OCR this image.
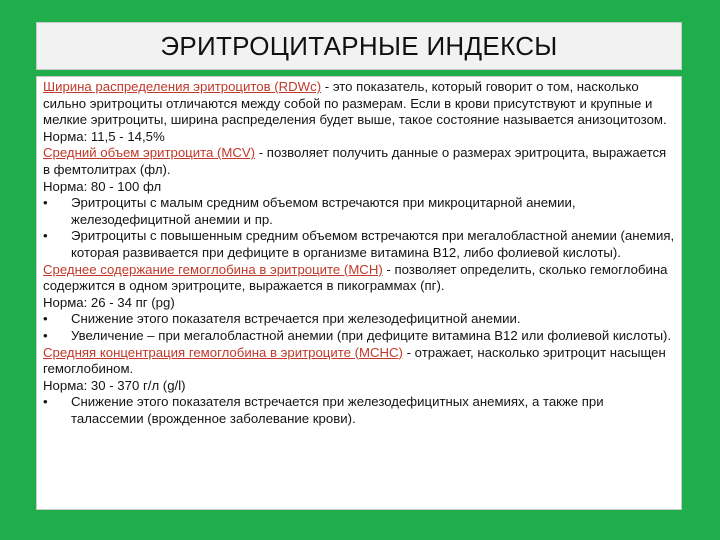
ЭРИТРОЦИТАРНЫЕ ИНДЕКСЫ

Ширина распределения эритроцитов (RDWc) - это показатель, который говорит о том, насколько сильно эритроциты отличаются между собой по размерам. Если в крови присутствуют и крупные и мелкие эритроциты, ширина распределения будет выше, такое состояние называется анизоцитозом.

Норма: 11,5 - 14,5%

Средний объем эритроцита (MCV) - позволяет получить данные о размерах эритроцита, выражается в фемтолитрах (фл).

Норма: 80 - 100 фл

•	Эритроциты с малым средним объемом встречаются при микроцитарной анемии, железодефицитной анемии и пр.

•	Эритроциты с повышенным средним объемом встречаются при мегалобластной анемии (анемия, которая развивается при дефиците в организме витамина B12, либо фолиевой кислоты).

Среднее содержание гемоглобина в эритроците (MCH) - позволяет определить, сколько гемоглобина содержится в одном эритроците, выражается в пикограммах (пг).

Норма: 26 - 34 пг (pg)

•	Снижение этого показателя встречается при железодефицитной анемии.

•	Увеличение – при мегалобластной анемии (при дефиците витамина B12 или фолиевой кислоты).

Средняя концентрация гемоглобина в эритроците (MCHC) - отражает, насколько эритроцит насыщен гемоглобином.

Норма: 30 - 370 г/л (g/l)

•	Снижение этого показателя встречается при железодефицитных анемиях, а также при талассемии (врожденное заболевание крови).
